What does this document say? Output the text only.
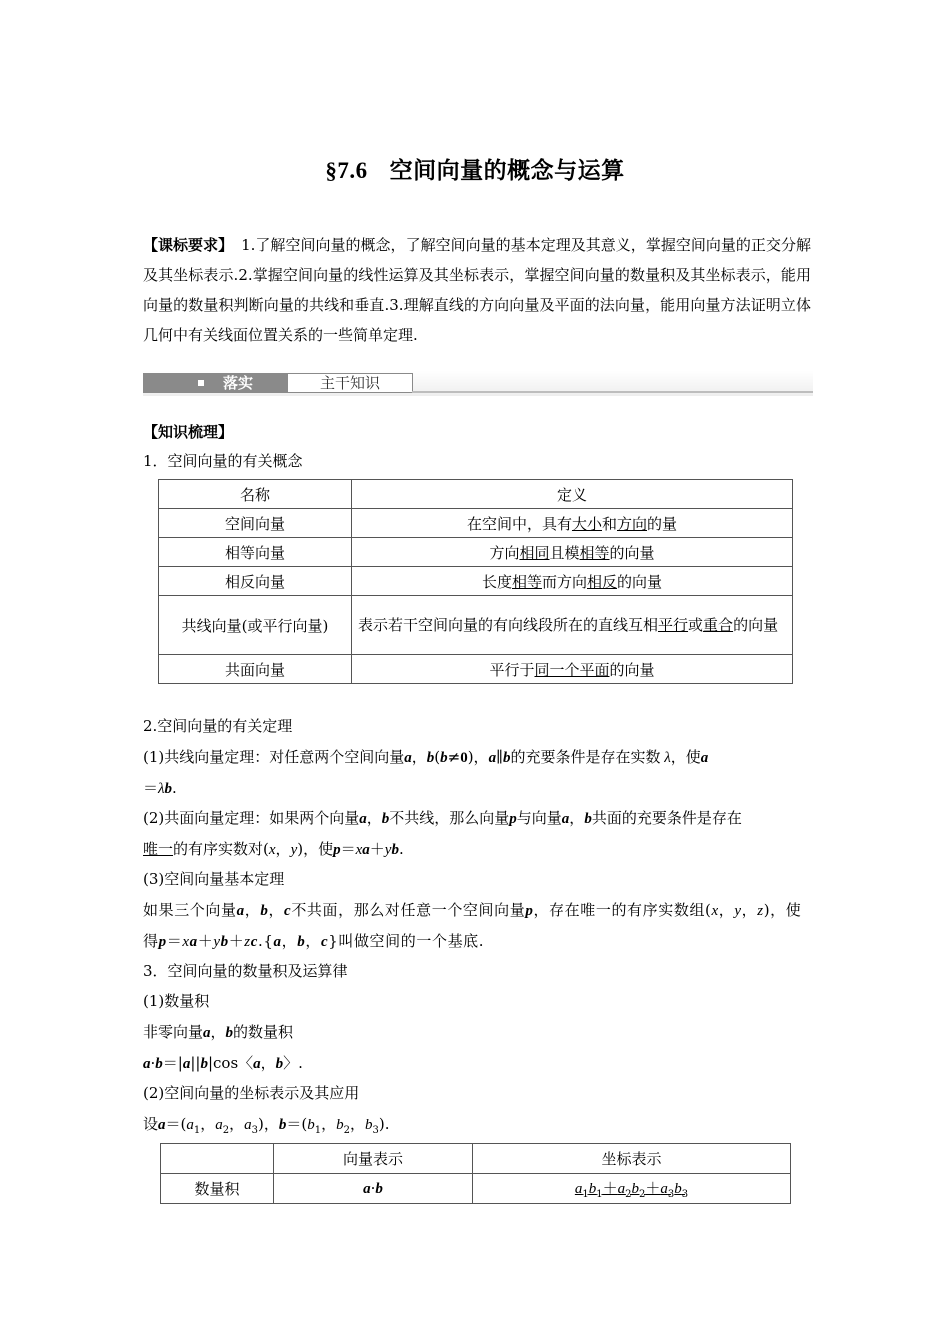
§7.6 空间向量的概念与运算
【课标要求】 1.了解空间向量的概念，了解空间向量的基本定理及其意义，掌握空间向量的正交分解及其坐标表示.2.掌握空间向量的线性运算及其坐标表示，掌握空间向量的数量积及其坐标表示，能用向量的数量积判断向量的共线和垂直.3.理解直线的方向向量及平面的法向量，能用向量方法证明立体几何中有关线面位置关系的一些简单定理.
落实	主干知识
【知识梳理】
1．空间向量的有关概念
名称	定义
空间向量	在空间中，具有大小和方向的量
相等向量	方向相同且模相等的向量
相反向量	长度相等而方向相反的向量
共线向量(或平行向量)	表示若干空间向量的有向线段所在的直线互相平行或重合的向量
共面向量	平行于同一个平面的向量
2.空间向量的有关定理
(1)共线向量定理：对任意两个空间向量a，b(b≠0)，a∥b的充要条件是存在实数 λ，使a
＝λb.
(2)共面向量定理：如果两个向量a，b不共线，那么向量p与向量a，b共面的充要条件是存在
唯一的有序实数对(x，y)，使p＝xa＋yb.
(3)空间向量基本定理
如果三个向量a，b，c不共面，那么对任意一个空间向量p，存在唯一的有序实数组(x，y，z)，使得p＝xa＋yb＋zc.{a，b，c}叫做空间的一个基底.
3．空间向量的数量积及运算律
(1)数量积
非零向量a，b的数量积
a·b＝|a||b|cos〈a，b〉.
(2)空间向量的坐标表示及其应用
设$a=(a_1$，$a_2$，$a_3$)，$b=(b_1$，$b_2$，$b_3$).
	向量表示	坐标表示
数量积	a·b	$a_1b_1+a_2b_2+a_3b_3$
